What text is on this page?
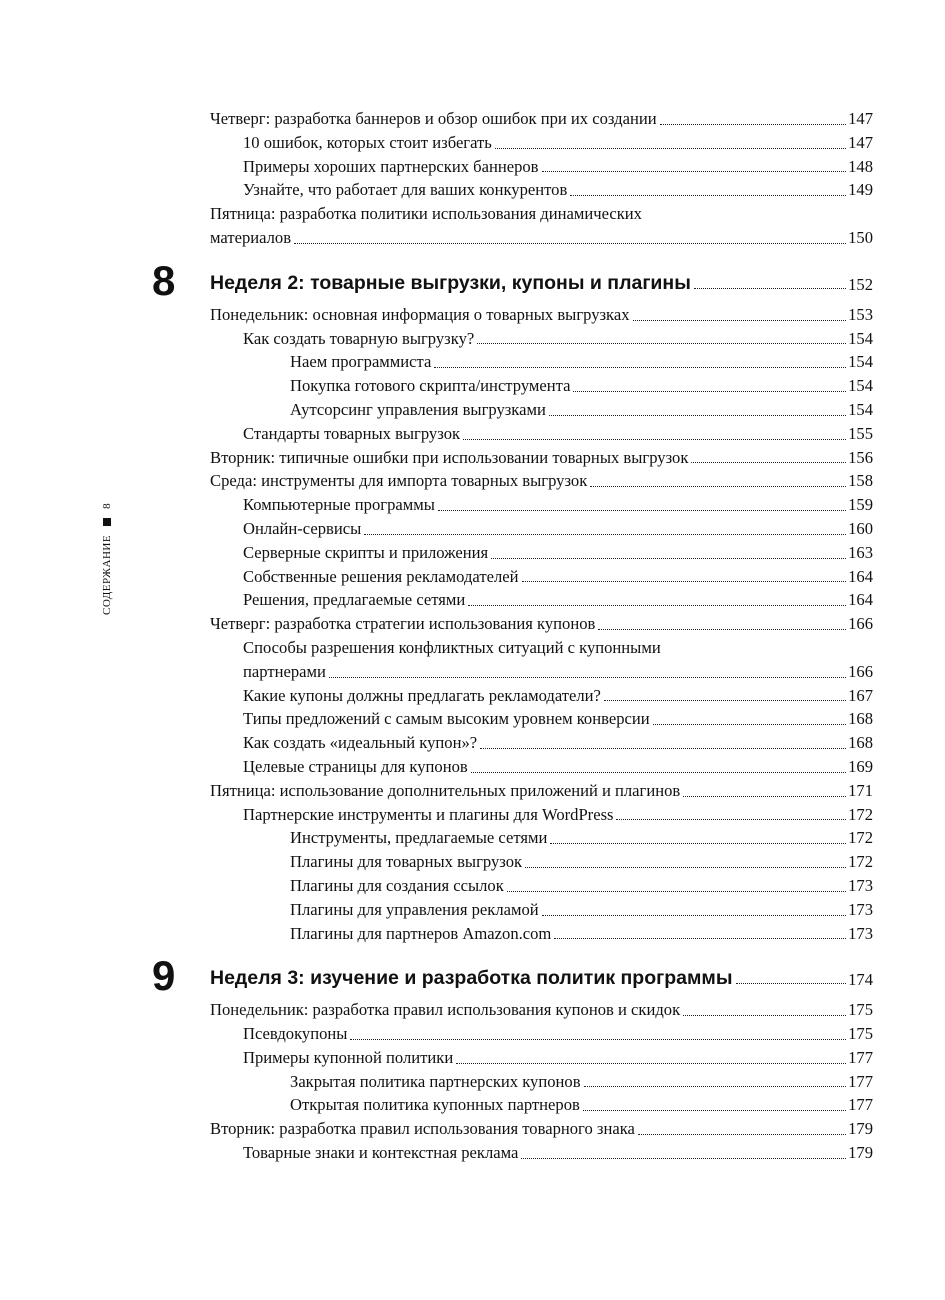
СОДЕРЖАНИЕ
8
Четверг: разработка баннеров и обзор ошибок при их создании	147
10 ошибок, которых стоит избегать	147
Примеры хороших партнерских баннеров	148
Узнайте, что работает для ваших конкурентов	149
Пятница: разработка политики использования динамических
материалов	150
8 Неделя 2: товарные выгрузки, купоны и плагины	152
Понедельник: основная информация о товарных выгрузках	153
Как создать товарную выгрузку?	154
Наем программиста	154
Покупка готового скрипта/инструмента	154
Аутсорсинг управления выгрузками	154
Стандарты товарных выгрузок	155
Вторник: типичные ошибки при использовании товарных выгрузок	156
Среда: инструменты для импорта товарных выгрузок	158
Компьютерные программы	159
Онлайн-сервисы	160
Серверные скрипты и приложения	163
Собственные решения рекламодателей	164
Решения, предлагаемые сетями	164
Четверг: разработка стратегии использования купонов	166
Способы разрешения конфликтных ситуаций с купонными
партнерами	166
Какие купоны должны предлагать рекламодатели?	167
Типы предложений с самым высоким уровнем конверсии	168
Как создать «идеальный купон»?	168
Целевые страницы для купонов	169
Пятница: использование дополнительных приложений и плагинов	171
Партнерские инструменты и плагины для WordPress	172
Инструменты, предлагаемые сетями	172
Плагины для товарных выгрузок	172
Плагины для создания ссылок	173
Плагины для управления рекламой	173
Плагины для партнеров Amazon.com	173
9 Неделя 3: изучение и разработка политик программы	174
Понедельник: разработка правил использования купонов и скидок	175
Псевдокупоны	175
Примеры купонной политики	177
Закрытая политика партнерских купонов	177
Открытая политика купонных партнеров	177
Вторник: разработка правил использования товарного знака	179
Товарные знаки и контекстная реклама	179
